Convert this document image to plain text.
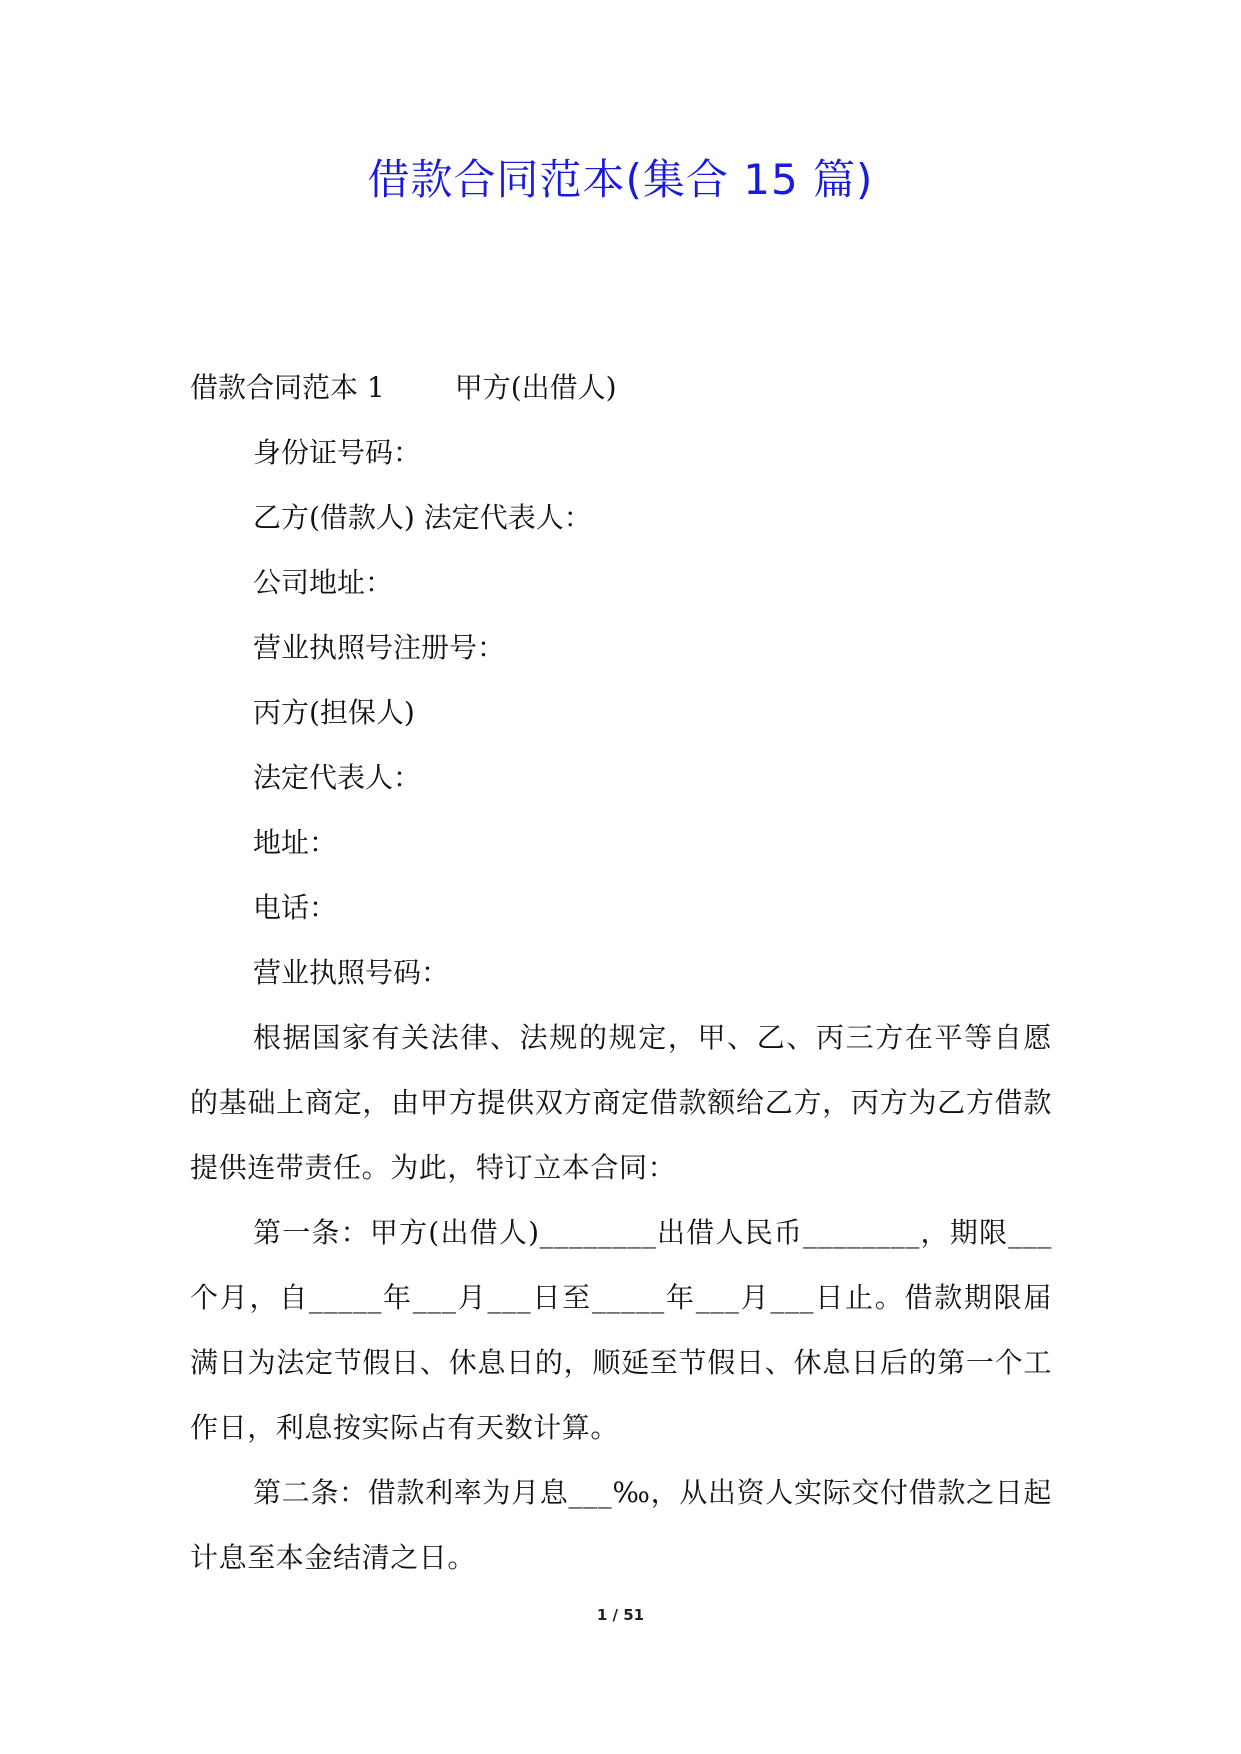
借款合同范本(集合 15 篇)

借款合同范本 1	甲方(出借人)

身份证号码：

乙方(借款人) 法定代表人：

公司地址：

营业执照号注册号：

丙方(担保人)

法定代表人：

地址：

电话：

营业执照号码：

根据国家有关法律、法规的规定，甲、乙、丙三方在平等自愿的基础上商定，由甲方提供双方商定借款额给乙方，丙方为乙方借款提供连带责任。为此，特订立本合同：

第一条：甲方(出借人)________出借人民币________，期限___个月，自_____年___月___日至_____年___月___日止。借款期限届满日为法定节假日、休息日的，顺延至节假日、休息日后的第一个工作日，利息按实际占有天数计算。

第二条：借款利率为月息___‰，从出资人实际交付借款之日起计息至本金结清之日。

1 / 51
